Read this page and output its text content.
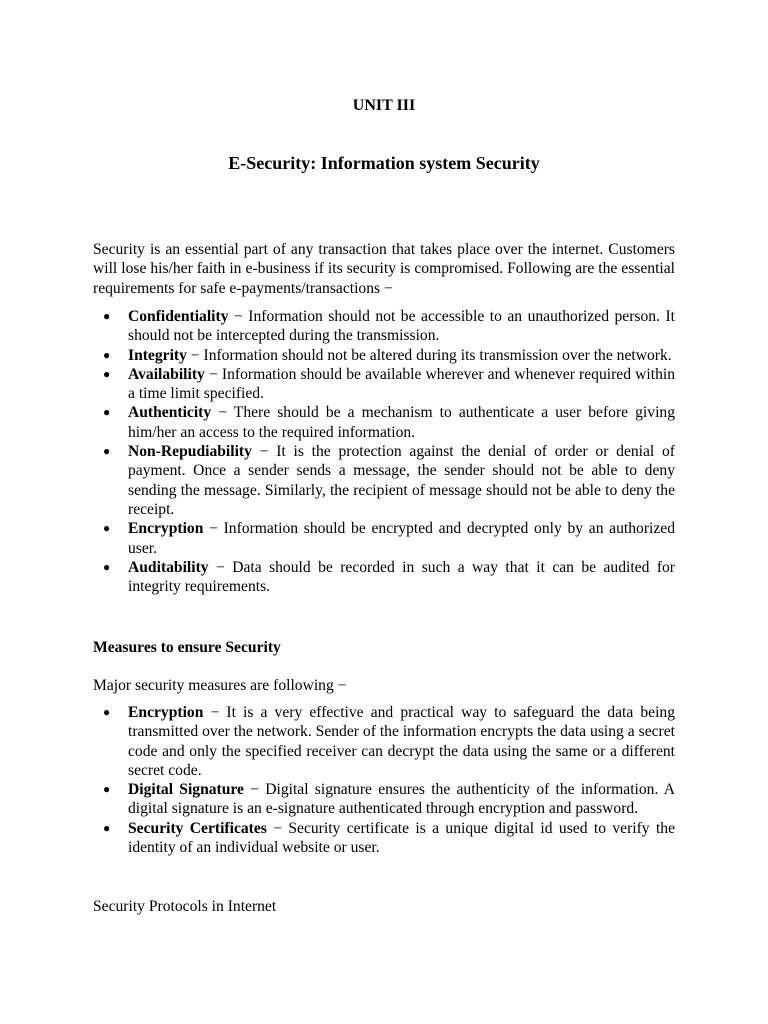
UNIT III
E-Security: Information system Security
Security is an essential part of any transaction that takes place over the internet. Customers will lose his/her faith in e-business if its security is compromised. Following are the essential requirements for safe e-payments/transactions −
● Confidentiality − Information should not be accessible to an unauthorized person. It should not be intercepted during the transmission.
● Integrity − Information should not be altered during its transmission over the network.
● Availability − Information should be available wherever and whenever required within a time limit specified.
● Authenticity − There should be a mechanism to authenticate a user before giving him/her an access to the required information.
● Non-Repudiability − It is the protection against the denial of order or denial of payment. Once a sender sends a message, the sender should not be able to deny sending the message. Similarly, the recipient of message should not be able to deny the receipt.
● Encryption − Information should be encrypted and decrypted only by an authorized user.
● Auditability − Data should be recorded in such a way that it can be audited for integrity requirements.
Measures to ensure Security
Major security measures are following −
● Encryption − It is a very effective and practical way to safeguard the data being transmitted over the network. Sender of the information encrypts the data using a secret code and only the specified receiver can decrypt the data using the same or a different secret code.
● Digital Signature − Digital signature ensures the authenticity of the information. A digital signature is an e-signature authenticated through encryption and password.
● Security Certificates − Security certificate is a unique digital id used to verify the identity of an individual website or user.
Security Protocols in Internet
